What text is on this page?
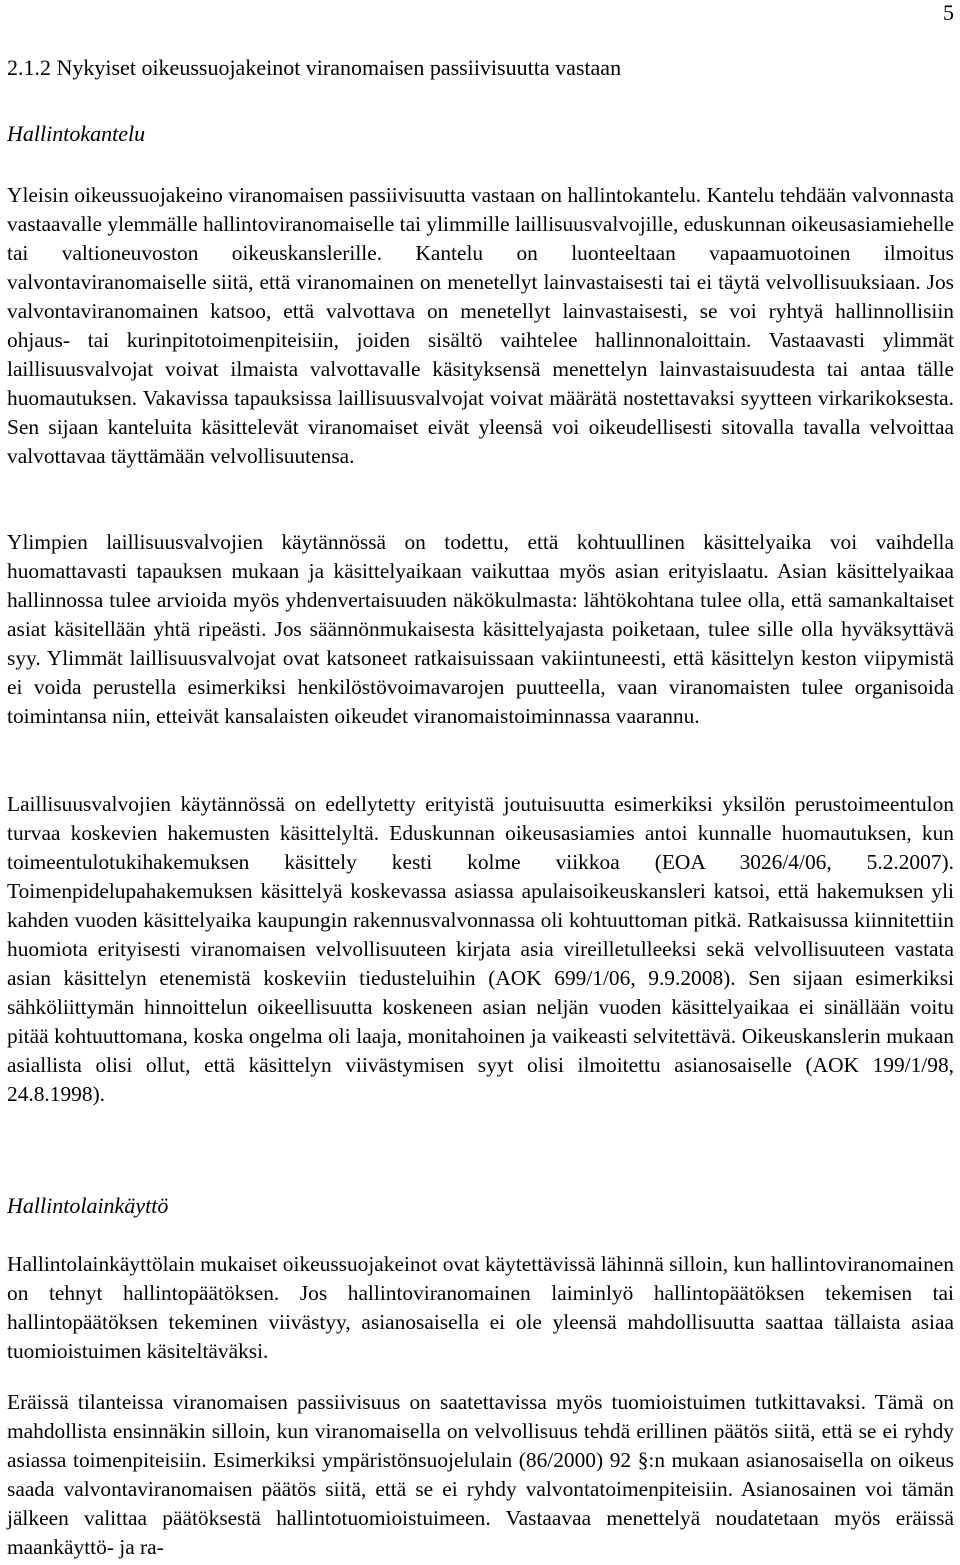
5
2.1.2 Nykyiset oikeussuojakeinot viranomaisen passiivisuutta vastaan
Hallintokantelu

Yleisin oikeussuojakeino viranomaisen passiivisuutta vastaan on hallintokantelu. Kantelu tehdään valvonnasta vastaavalle ylemmälle hallintoviranomaiselle tai ylimmille laillisuusvalvojille, eduskunnan oikeusasiamiehelle tai valtioneuvoston oikeuskanslerille. Kantelu on luonteeltaan vapaamuotoinen ilmoitus valvontaviranomaiselle siitä, että viranomainen on menetellyt lainvastaisesti tai ei täytä velvollisuuksiaan. Jos valvontaviranomainen katsoo, että valvottava on menetellyt lainvastaisesti, se voi ryhtyä hallinnollisiin ohjaus- tai kurinpitotoimenpiteisiin, joiden sisältö vaihtelee hallinnonaloittain. Vastaavasti ylimmät laillisuusvalvojat voivat ilmaista valvottavalle käsityksensä menettelyn lainvastaisuudesta tai antaa tälle huomautuksen. Vakavissa tapauksissa laillisuusvalvojat voivat määrätä nostettavaksi syytteen virkarikoksesta. Sen sijaan kanteluita käsittelevät viranomaiset eivät yleensä voi oikeudellisesti sitovalla tavalla velvoittaa valvottavaa täyttämään velvollisuutensa.

Ylimpien laillisuusvalvojien käytännössä on todettu, että kohtuullinen käsittelyaika voi vaihdella huomattavasti tapauksen mukaan ja käsittelyaikaan vaikuttaa myös asian erityislaatu. Asian käsittelyaikaa hallinnossa tulee arvioida myös yhdenvertaisuuden näkökulmasta: lähtökohtana tulee olla, että samankaltaiset asiat käsitellään yhtä ripeästi. Jos säännönmukaisesta käsittelyajasta poiketaan, tulee sille olla hyväksyttävä syy. Ylimmät laillisuusvalvojat ovat katsoneet ratkaisuissaan vakiintuneesti, että käsittelyn keston viipymistä ei voida perustella esimerkiksi henkilöstövoimavarojen puutteella, vaan viranomaisten tulee organisoida toimintansa niin, etteivät kansalaisten oikeudet viranomaistoiminnassa vaarannu.

Laillisuusvalvojien käytännössä on edellytetty erityistä joutuisuutta esimerkiksi yksilön perustoimeentulon turvaa koskevien hakemusten käsittelyltä. Eduskunnan oikeusasiamies antoi kunnalle huomautuksen, kun toimeentulotukihakemuksen käsittely kesti kolme viikkoa (EOA 3026/4/06, 5.2.2007). Toimenpidelupahakemuksen käsittelyä koskevassa asiassa apulaisoikeuskansleri katsoi, että hakemuksen yli kahden vuoden käsittelyaika kaupungin rakennusvalvonnassa oli kohtuuttoman pitkä. Ratkaisussa kiinnitettiin huomiota erityisesti viranomaisen velvollisuuteen kirjata asia vireilletulleeksi sekä velvollisuuteen vastata asian käsittelyn etenemistä koskeviin tiedusteluihin (AOK 699/1/06, 9.9.2008). Sen sijaan esimerkiksi sähköliittymän hinnoittelun oikeellisuutta koskeneen asian neljän vuoden käsittelyaikaa ei sinällään voitu pitää kohtuuttomana, koska ongelma oli laaja, monitahoinen ja vaikeasti selvitettävä. Oikeuskanslerin mukaan asiallista olisi ollut, että käsittelyn viivästymisen syyt olisi ilmoitettu asianosaiselle (AOK 199/1/98, 24.8.1998).

Hallintolainkäyttö

Hallintolainkäyttölain mukaiset oikeussuojakeinot ovat käytettävissä lähinnä silloin, kun hallintoviranomainen on tehnyt hallintopäätöksen. Jos hallintoviranomainen laiminlyö hallintopäätöksen tekemisen tai hallintopäätöksen tekeminen viivästyy, asianosaisella ei ole yleensä mahdollisuutta saattaa tällaista asiaa tuomioistuimen käsiteltäväksi.

Eräissä tilanteissa viranomaisen passiivisuus on saatettavissa myös tuomioistuimen tutkittavaksi. Tämä on mahdollista ensinnäkin silloin, kun viranomaisella on velvollisuus tehdä erillinen päätös siitä, että se ei ryhdy asiassa toimenpiteisiin. Esimerkiksi ympäristönsuojelulain (86/2000) 92 §:n mukaan asianosaisella on oikeus saada valvontaviranomaisen päätös siitä, että se ei ryhdy valvontatoimenpiteisiin. Asianosainen voi tämän jälkeen valittaa päätöksestä hallintotuomioistuimeen. Vastaavaa menettelyä noudatetaan myös eräissä maankäyttö- ja ra-
